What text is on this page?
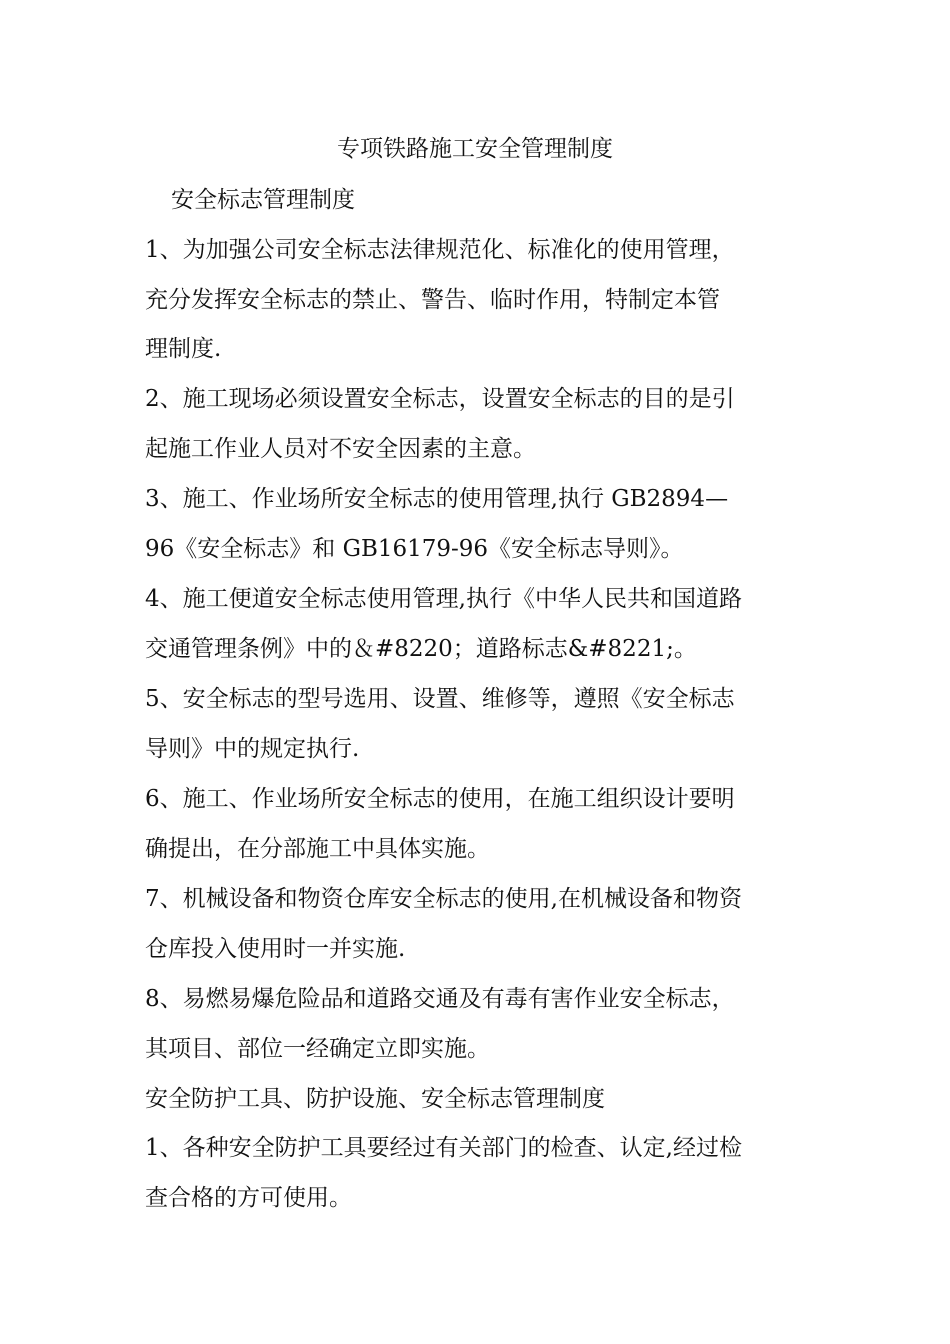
专项铁路施工安全管理制度
安全标志管理制度
1、为加强公司安全标志法律规范化、标准化的使用管理，
充分发挥安全标志的禁止、警告、临时作用，特制定本管
理制度.
2、施工现场必须设置安全标志，设置安全标志的目的是引
起施工作业人员对不安全因素的主意。
3、施工、作业场所安全标志的使用管理,执行 GB2894—
96《安全标志》和 GB16179-96《安全标志导则》。
4、施工便道安全标志使用管理,执行《中华人民共和国道路
交通管理条例》中的＆#8220；道路标志&#8221;。
5、安全标志的型号选用、设置、维修等，遵照《安全标志
导则》中的规定执行.
6、施工、作业场所安全标志的使用，在施工组织设计要明
确提出，在分部施工中具体实施。
7、机械设备和物资仓库安全标志的使用,在机械设备和物资
仓库投入使用时一并实施.
8、易燃易爆危险品和道路交通及有毒有害作业安全标志，
其项目、部位一经确定立即实施。
安全防护工具、防护设施、安全标志管理制度
1、各种安全防护工具要经过有关部门的检查、认定,经过检
查合格的方可使用。
